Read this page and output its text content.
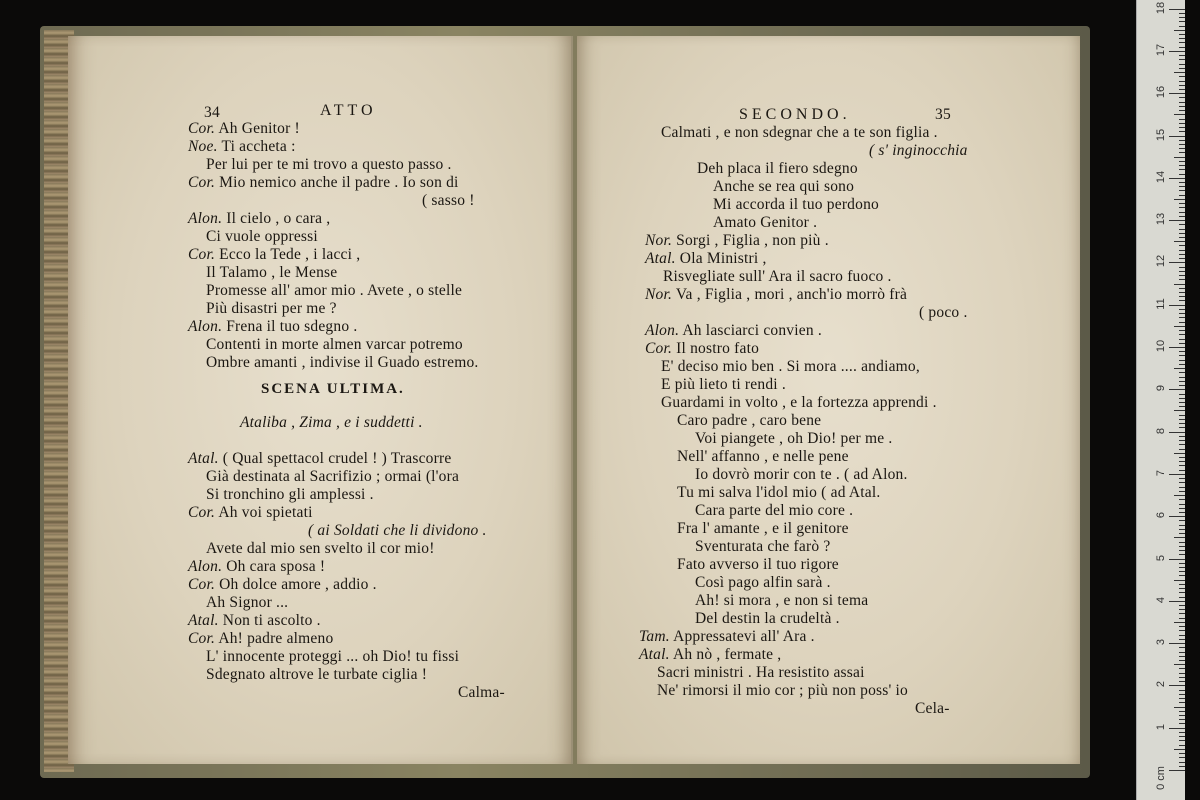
34	ATTO
Cor. Ah Genitor !
Noe. Ti accheta :
Per lui per te mi trovo a questo passo .
Cor. Mio nemico anche il padre . Io son di
( sasso !
Alon. Il cielo , o cara ,
Ci vuole oppressi
Cor. Ecco la Tede , i lacci ,
Il Talamo , le Mense
Promesse all' amor mio . Avete , o stelle
Più disastri per me ?
Alon. Frena il tuo sdegno .
Contenti in morte almen varcar potremo
Ombre amanti , indivise il Guado estremo.
SCENA ULTIMA.
Ataliba , Zima , e i suddetti .
Atal. ( Qual spettacol crudel ! ) Trascorre
Già destinata al Sacrifizio ; ormai (l'ora
Si tronchino gli amplessi .
Cor. Ah voi spietati
( ai Soldati che li dividono .
Avete dal mio sen svelto il cor mio!
Alon. Oh cara sposa !
Cor. Oh dolce amore , addio .
Ah Signor ...
Atal. Non ti ascolto .
Cor. Ah! padre almeno
L' innocente proteggi ... oh Dio! tu fissi
Sdegnato altrove le turbate ciglia !
Calma-
SECONDO.	35
Calmati , e non sdegnar che a te son figlia .
( s' inginocchia
Deh placa il fiero sdegno
Anche se rea qui sono
Mi accorda il tuo perdono
Amato Genitor .
Nor. Sorgi , Figlia , non più .
Atal. Ola Ministri ,
Risvegliate sull' Ara il sacro fuoco .
Nor. Va , Figlia , mori , anch'io morrò frà
( poco .
Alon. Ah lasciarci convien .
Cor. Il nostro fato
E' deciso mio ben . Si mora .... andiamo,
E più lieto ti rendi .
Guardami in volto , e la fortezza apprendi .
Caro padre , caro bene
Voi piangete , oh Dio! per me .
Nell' affanno , e nelle pene
Io dovrò morir con te . ( ad Alon.
Tu mi salva l'idol mio ( ad Atal.
Cara parte del mio core .
Fra l' amante , e il genitore
Sventurata che farò ?
Fato avverso il tuo rigore
Così pago alfin sarà .
Ah! si mora , e non si tema
Del destin la crudeltà .
Tam. Appressatevi all' Ara .
Atal. Ah nò , fermate ,
Sacri ministri . Ha resistito assai
Ne' rimorsi il mio cor ; più non poss' io
Cela-
0 cm
1
2
3
4
5
6
7
8
9
10
11
12
13
14
15
16
17
18
